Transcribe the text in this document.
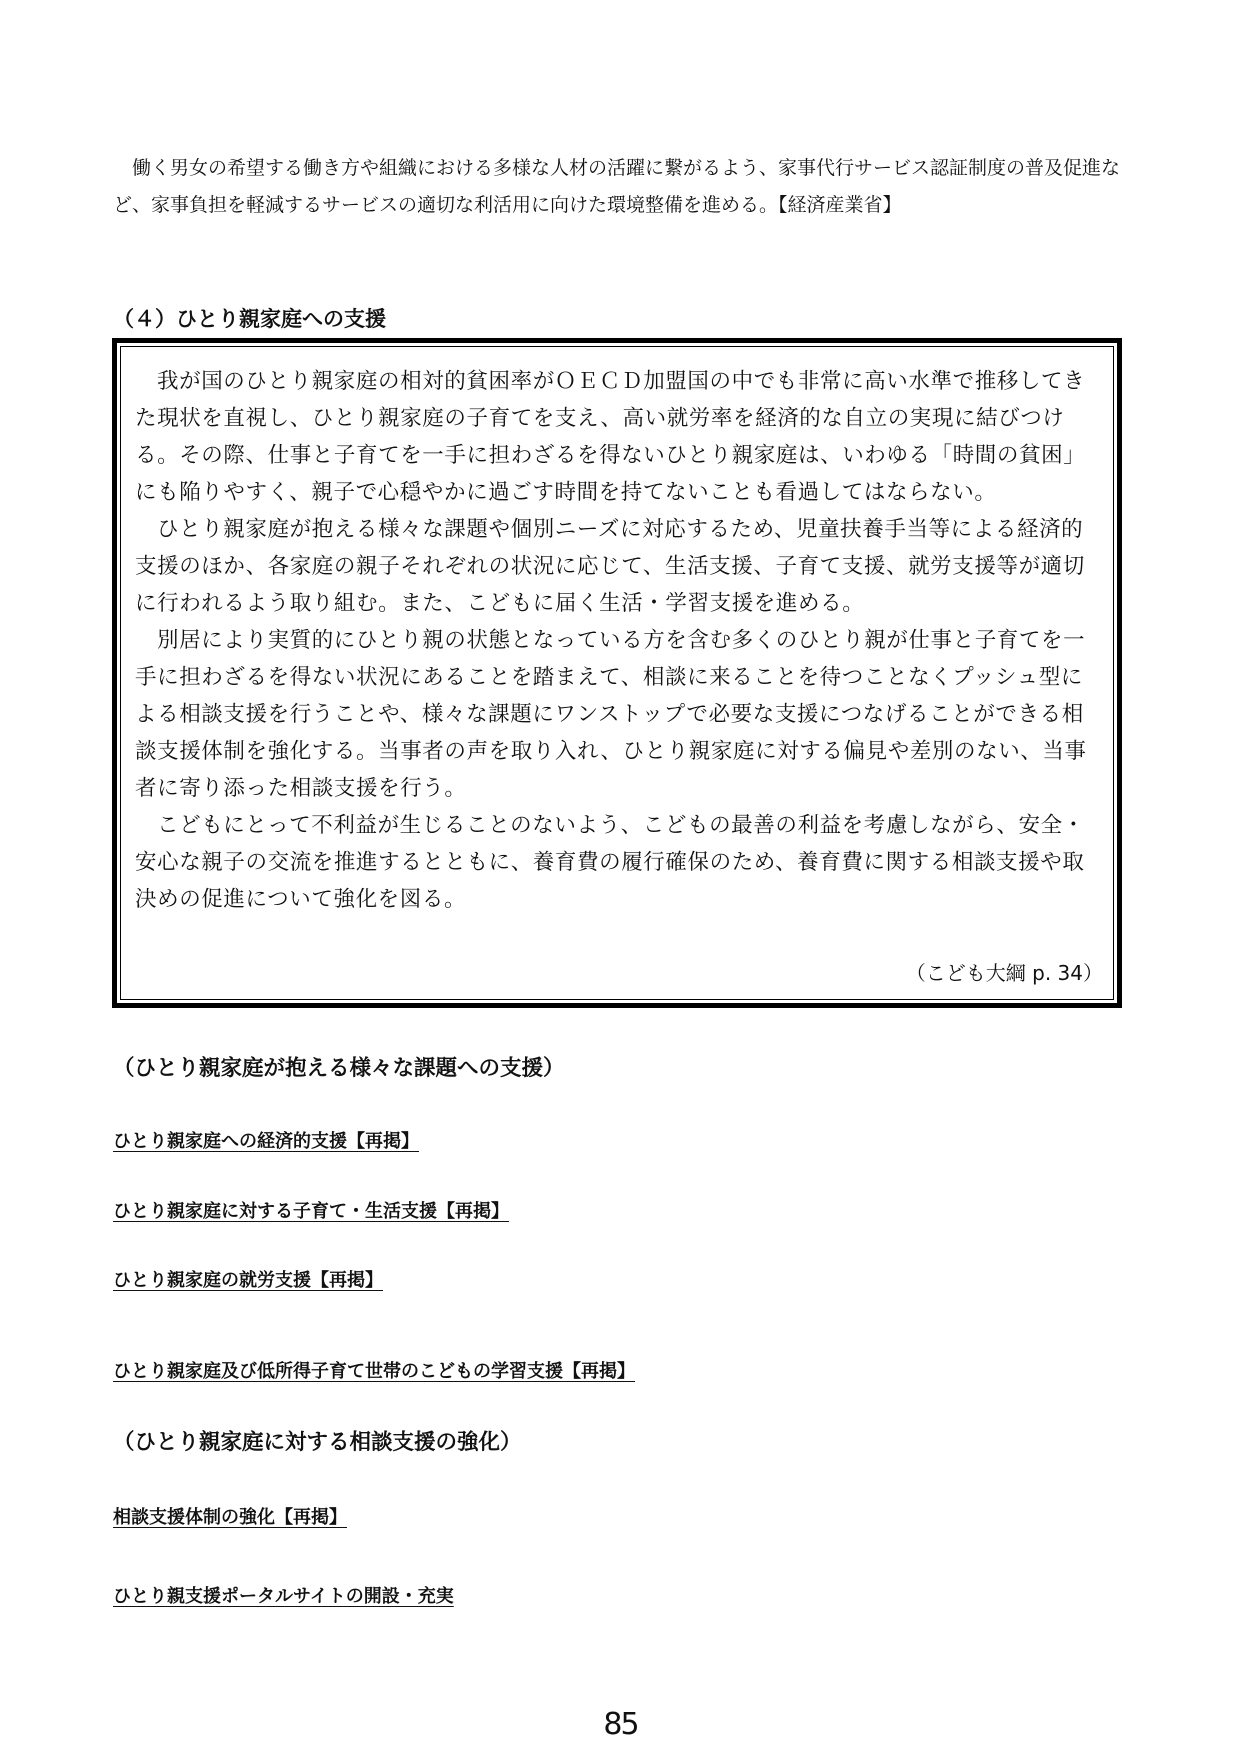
働く男女の希望する働き方や組織における多様な人材の活躍に繋がるよう、家事代行サービス認証制度の普及促進など、家事負担を軽減するサービスの適切な利活用に向けた環境整備を進める。【経済産業省】

（４）ひとり親家庭への支援

我が国のひとり親家庭の相対的貧困率がＯＥＣＤ加盟国の中でも非常に高い水準で推移してきた現状を直視し、ひとり親家庭の子育てを支え、高い就労率を経済的な自立の実現に結びつける。その際、仕事と子育てを一手に担わざるを得ないひとり親家庭は、いわゆる「時間の貧困」にも陥りやすく、親子で心穏やかに過ごす時間を持てないことも看過してはならない。

ひとり親家庭が抱える様々な課題や個別ニーズに対応するため、児童扶養手当等による経済的支援のほか、各家庭の親子それぞれの状況に応じて、生活支援、子育て支援、就労支援等が適切に行われるよう取り組む。また、こどもに届く生活・学習支援を進める。

別居により実質的にひとり親の状態となっている方を含む多くのひとり親が仕事と子育てを一手に担わざるを得ない状況にあることを踏まえて、相談に来ることを待つことなくプッシュ型による相談支援を行うことや、様々な課題にワンストップで必要な支援につなげることができる相談支援体制を強化する。当事者の声を取り入れ、ひとり親家庭に対する偏見や差別のない、当事者に寄り添った相談支援を行う。

こどもにとって不利益が生じることのないよう、こどもの最善の利益を考慮しながら、安全・安心な親子の交流を推進するとともに、養育費の履行確保のため、養育費に関する相談支援や取決めの促進について強化を図る。

（こども大綱 p. 34）
（ひとり親家庭が抱える様々な課題への支援）
ひとり親家庭への経済的支援【再掲】
ひとり親家庭に対する子育て・生活支援【再掲】
ひとり親家庭の就労支援【再掲】
ひとり親家庭及び低所得子育て世帯のこどもの学習支援【再掲】
（ひとり親家庭に対する相談支援の強化）
相談支援体制の強化【再掲】
ひとり親支援ポータルサイトの開設・充実
85
